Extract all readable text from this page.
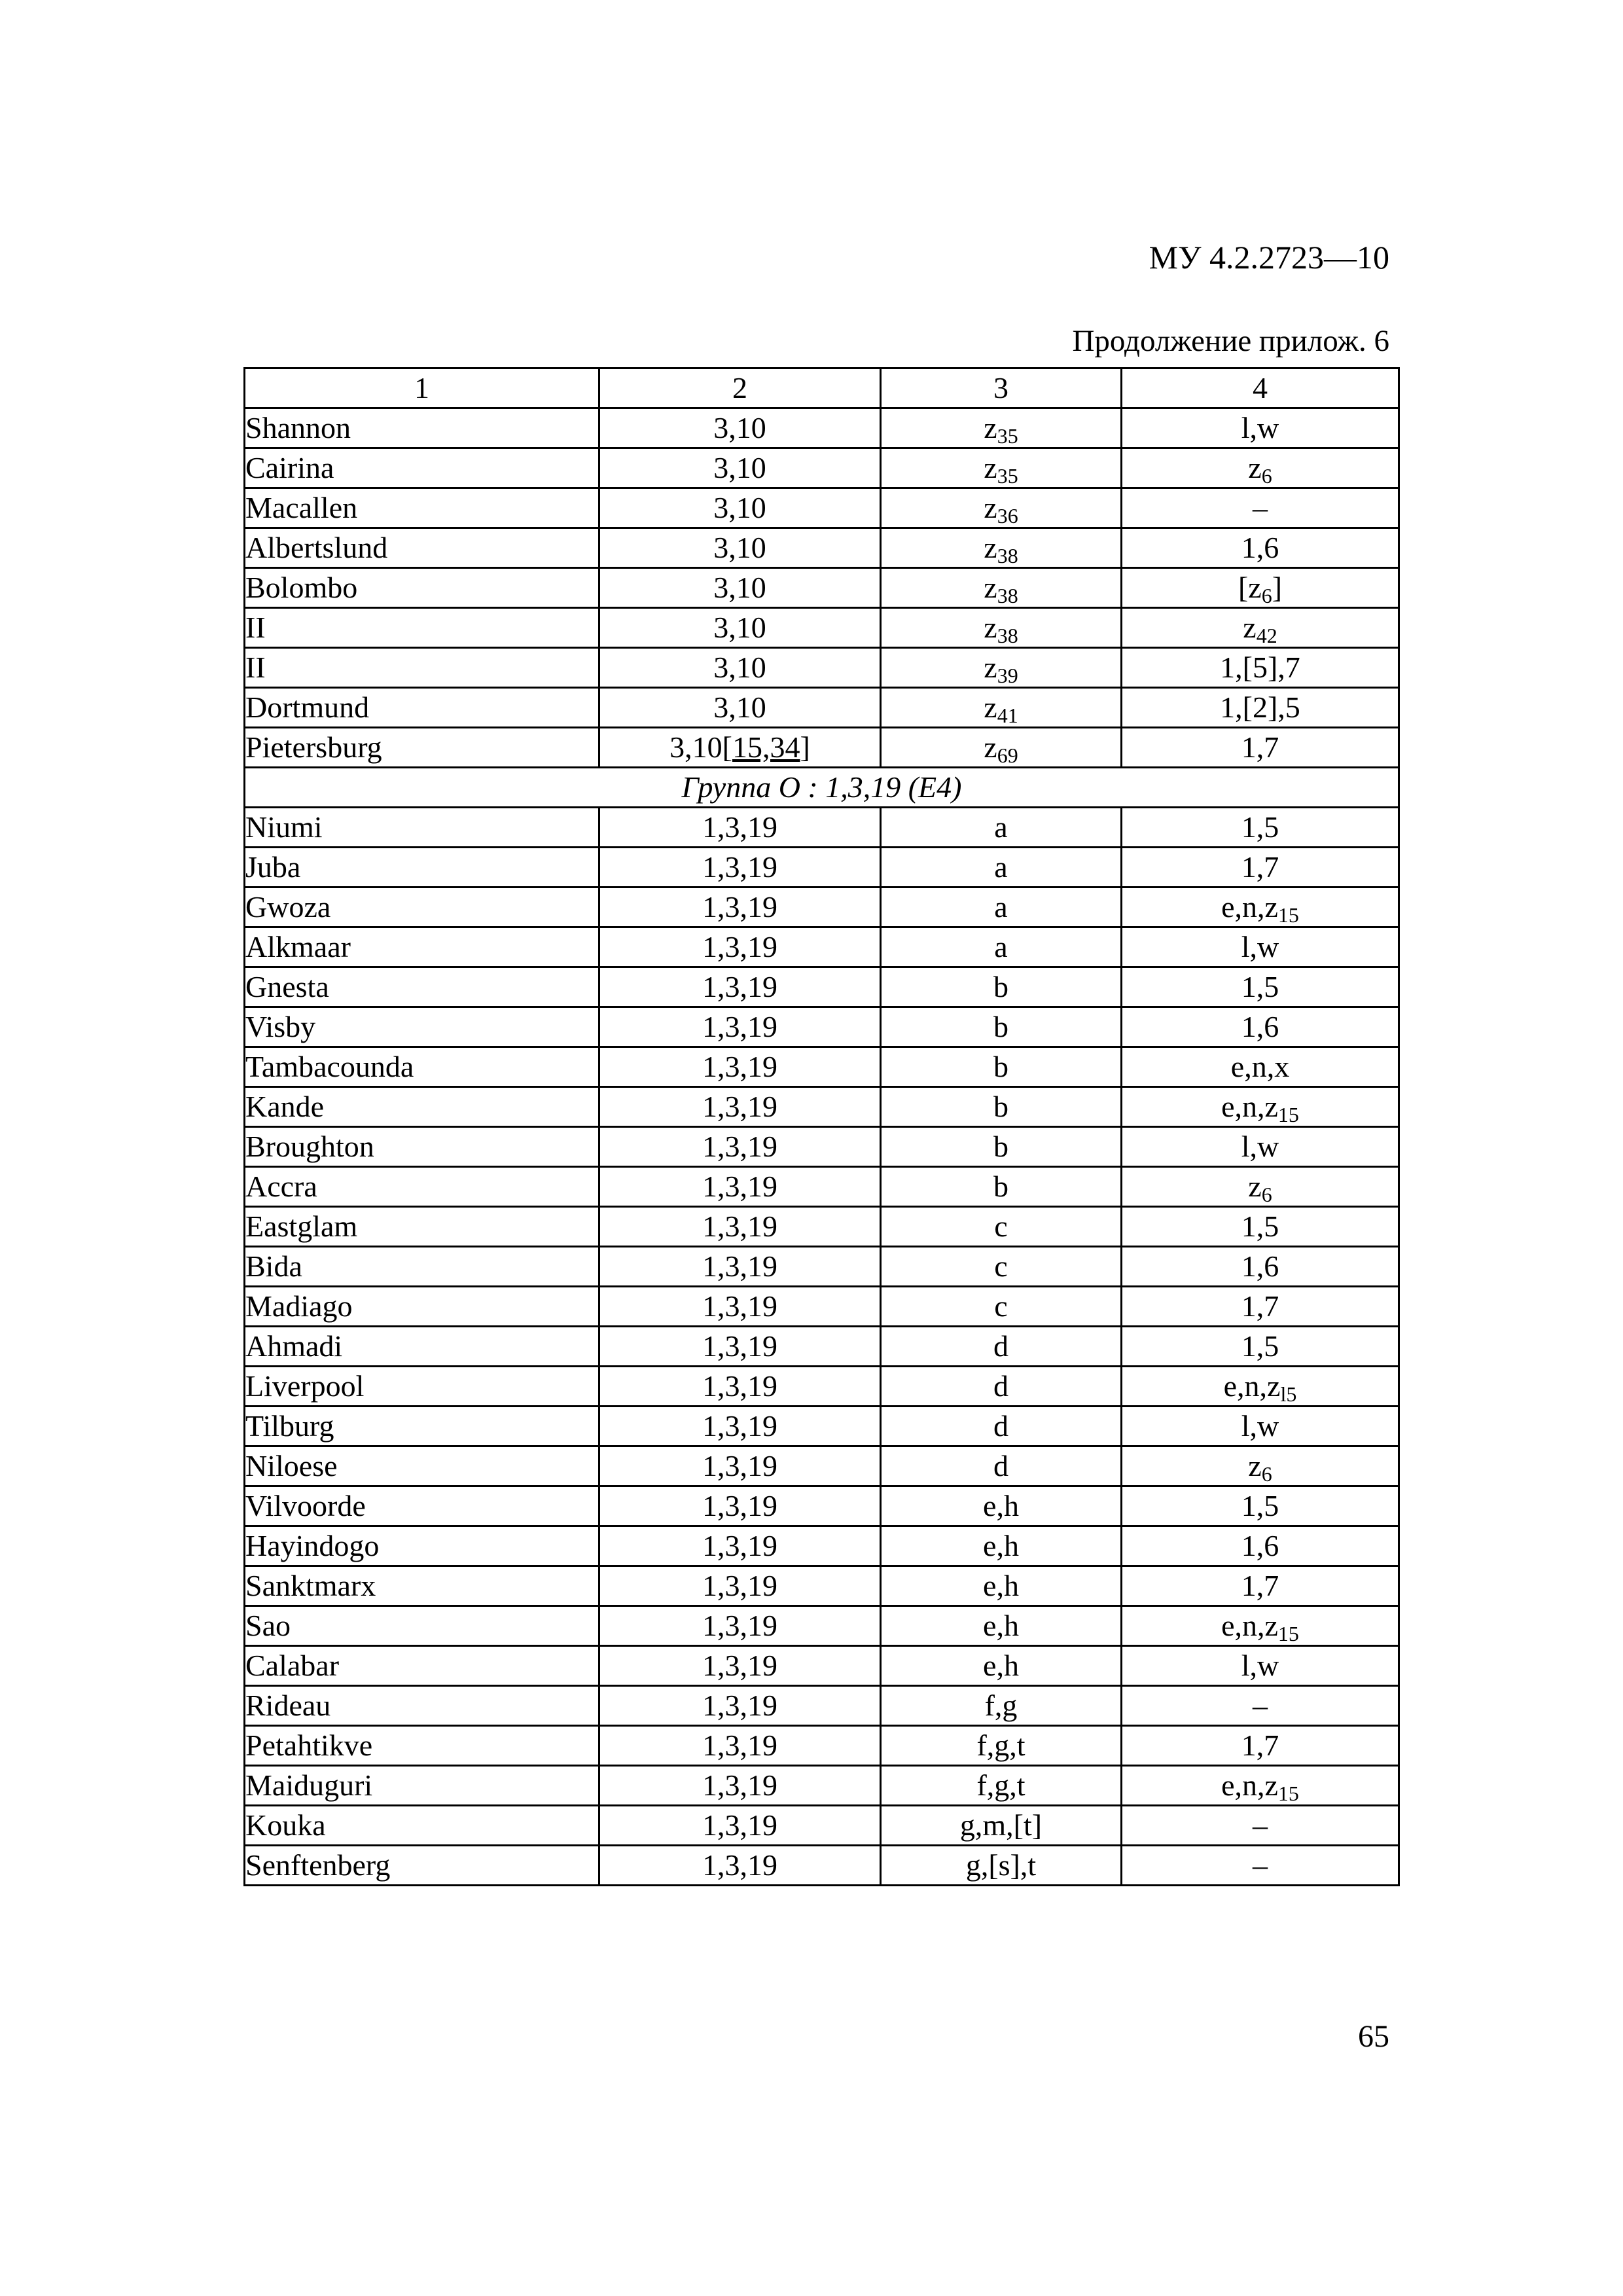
МУ 4.2.2723—10
Продолжение прилож. 6
1	2	3	4
Shannon	3,10	$z_{35}$	l,w
Cairina	3,10	$z_{35}$	$z_6$
Macallen	3,10	$z_{36}$	–
Albertslund	3,10	$z_{38}$	1,6
Bolombo	3,10	$z_{38}$	$[z_6]$
II	3,10	$z_{38}$	$z_{42}$
II	3,10	$z_{39}$	1,[5],7
Dortmund	3,10	$z_{41}$	1,[2],5
Pietersburg	3,10[15,34]	$z_{69}$	1,7
Группа О : 1,3,19 (Е4)			
Niumi	1,3,19	a	1,5
Juba	1,3,19	a	1,7
Gwoza	1,3,19	a	$e,n,z_{15}$
Alkmaar	1,3,19	a	l,w
Gnesta	1,3,19	b	1,5
Visby	1,3,19	b	1,6
Tambacounda	1,3,19	b	e,n,x
Kande	1,3,19	b	$e,n,z_{15}$
Broughton	1,3,19	b	l,w
Accra	1,3,19	b	$z_6$
Eastglam	1,3,19	c	1,5
Bida	1,3,19	c	1,6
Madiago	1,3,19	c	1,7
Ahmadi	1,3,19	d	1,5
Liverpool	1,3,19	d	$e,n,z_{l5}$
Tilburg	1,3,19	d	l,w
Niloese	1,3,19	d	$z_6$
Vilvoorde	1,3,19	e,h	1,5
Hayindogo	1,3,19	e,h	1,6
Sanktmarx	1,3,19	e,h	1,7
Sao	1,3,19	e,h	$e,n,z_{15}$
Calabar	1,3,19	e,h	l,w
Rideau	1,3,19	f,g	–
Petahtikve	1,3,19	f,g,t	1,7
Maiduguri	1,3,19	f,g,t	$e,n,z_{15}$
Kouka	1,3,19	g,m,[t]	–
Senftenberg	1,3,19	g,[s],t	–
65
